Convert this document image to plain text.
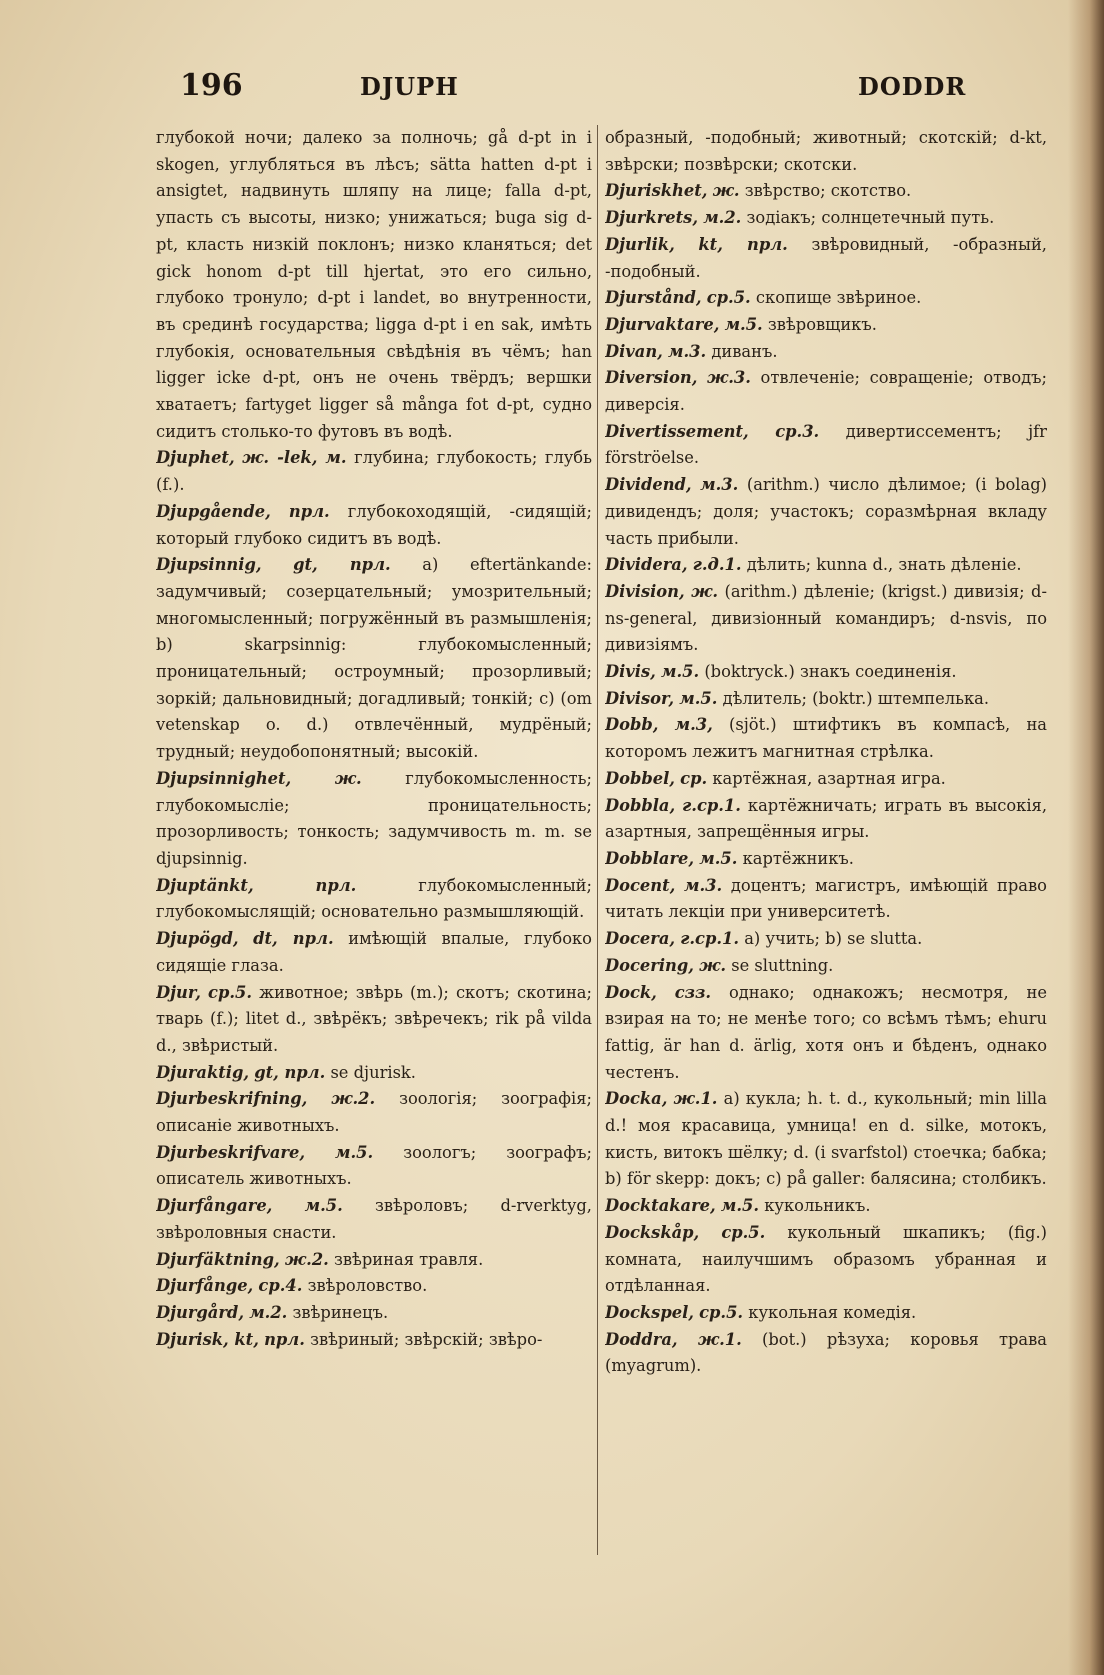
196	DJUPH	DODDR

глубокой ночи; далеко за полночь; gå d-pt in i skogen, углубляться въ лѣсъ; sätta hatten d-pt i ansigtet, надвинуть шляпу на лице; falla d-pt, упасть съ высоты, низко; унижаться; buga sig d-pt, класть низкій поклонъ; низко кланяться; det gick honom d-pt till hjertat, это его сильно, глубоко тронуло; d-pt i landet, во внутренности, въ срединѣ государства; ligga d-pt i en sak, имѣть глубокія, основательныя свѣдѣнія въ чёмъ; han ligger icke d-pt, онъ не очень твёрдъ; вершки хватаетъ; fartyget ligger så många fot d-pt, судно сидитъ столько-то футовъ въ водѣ.

Djuphet, ж. -lek, м. глубина; глубокость; глубь (f.).

Djupgående, прл. глубокоходящій, -сидящій; который глубоко сидитъ въ водѣ.

Djupsinnig, gt, прл. a) eftertänkande: задумчивый; созерцательный; умозрительный; многомысленный; погружённый въ размышленія; b) skarpsinnig: глубокомысленный; проницательный; остроумный; прозорливый; зоркій; дальновидный; догадливый; тонкій; c) (om vetenskap o. d.) отвлечённый, мудрёный; трудный; неудобопонятный; высокій.

Djupsinnighet,	ж.	глубокомысленность; глубокомысліе; проницательность; прозорливость; тонкость; задумчивость m. m. se djupsinnig.

Djuptänkt,	прл.	глубокомысленный; глубокомыслящій; основательно размышляющій.

Djupögd, dt, прл. имѣющій впалые, глубоко сидящіе глаза.

Djur, ср.5. животное; звѣрь (m.); скотъ; скотина; тварь (f.); litet d., звѣрёкъ; звѣречекъ; rik på vilda d., звѣристый.

Djuraktig, gt, прл. se djurisk.

Djurbeskrifning, ж.2. зоологія; зоографія; описаніе животныхъ.

Djurbeskrifvare, м.5. зоологъ; зоографъ; описатель животныхъ.

Djurfångare, м.5. звѣроловъ; d-rverktyg, звѣроловныя снасти.

Djurfäktning, ж.2. звѣриная травля.

Djurfånge, ср.4. звѣроловство.

Djurgård, м.2. звѣринецъ.

Djurisk, kt, прл. звѣриный; звѣрскій; звѣро-

образный, -подобный; животный; скотскій; d-kt, звѣрски; позвѣрски; скотски.

Djuriskhet, ж. звѣрство; скотство.

Djurkrets, м.2. зодіакъ; солнцетечный путь.

Djurlik, kt, прл. звѣровидный, -образный, -подобный.

Djurstånd, ср.5. скопище звѣриное.

Djurvaktare, м.5. звѣровщикъ.

Divan, м.3. диванъ.

Diversion, ж.3. отвлеченіе; совращеніе; отводъ; диверсія.

Divertissement, ср.3. дивертиссементъ; jfr förströelse.

Dividend, м.3. (arithm.) число дѣлимое; (i bolag) дивидендъ; доля; участокъ; соразмѣрная вкладу часть прибыли.

Dividera, г.д.1. дѣлить; kunna d., знать дѣленіе.

Division, ж. (arithm.) дѣленіе; (krigst.) дивизія; d-ns-general, дивизіонный командиръ; d-nsvis, по дивизіямъ.

Divis, м.5. (boktryck.) знакъ соединенія.

Divisor, м.5. дѣлитель; (boktr.) штемпелька.

Dobb, м.3, (sjöt.) штифтикъ въ компасѣ, на которомъ лежитъ магнитная стрѣлка.

Dobbel, ср. картёжная, азартная игра.

Dobbla, г.ср.1. картёжничать; играть въ высокія, азартныя, запрещённыя игры.

Dobblare, м.5. картёжникъ.

Docent, м.3. доцентъ; магистръ, имѣющій право читать лекціи при университетѣ.

Docera, г.ср.1. a) учить; b) se slutta.

Docering, ж. se sluttning.

Dock, сзз. однако; однакожъ; несмотря, не взирая на то; не менѣе того; со всѣмъ тѣмъ; ehuru fattig, är han d. ärlig, хотя онъ и бѣденъ, однако честенъ.

Docka, ж.1. a) кукла; h. t. d., кукольный; min lilla d.! моя красавица, умница! en d. silke, мотокъ, кисть, витокъ шёлку; d. (i svarfstol) стоечка; бабка; b) för skepp: докъ; c) på galler: балясина; столбикъ.

Docktakare, м.5. кукольникъ.

Dockskåp, ср.5. кукольный шкапикъ; (fig.) комната, наилучшимъ образомъ убранная и отдѣланная.

Dockspel, ср.5. кукольная комедія.

Doddra, ж.1. (bot.) рѣзуха; коровья трава (myagrum).
